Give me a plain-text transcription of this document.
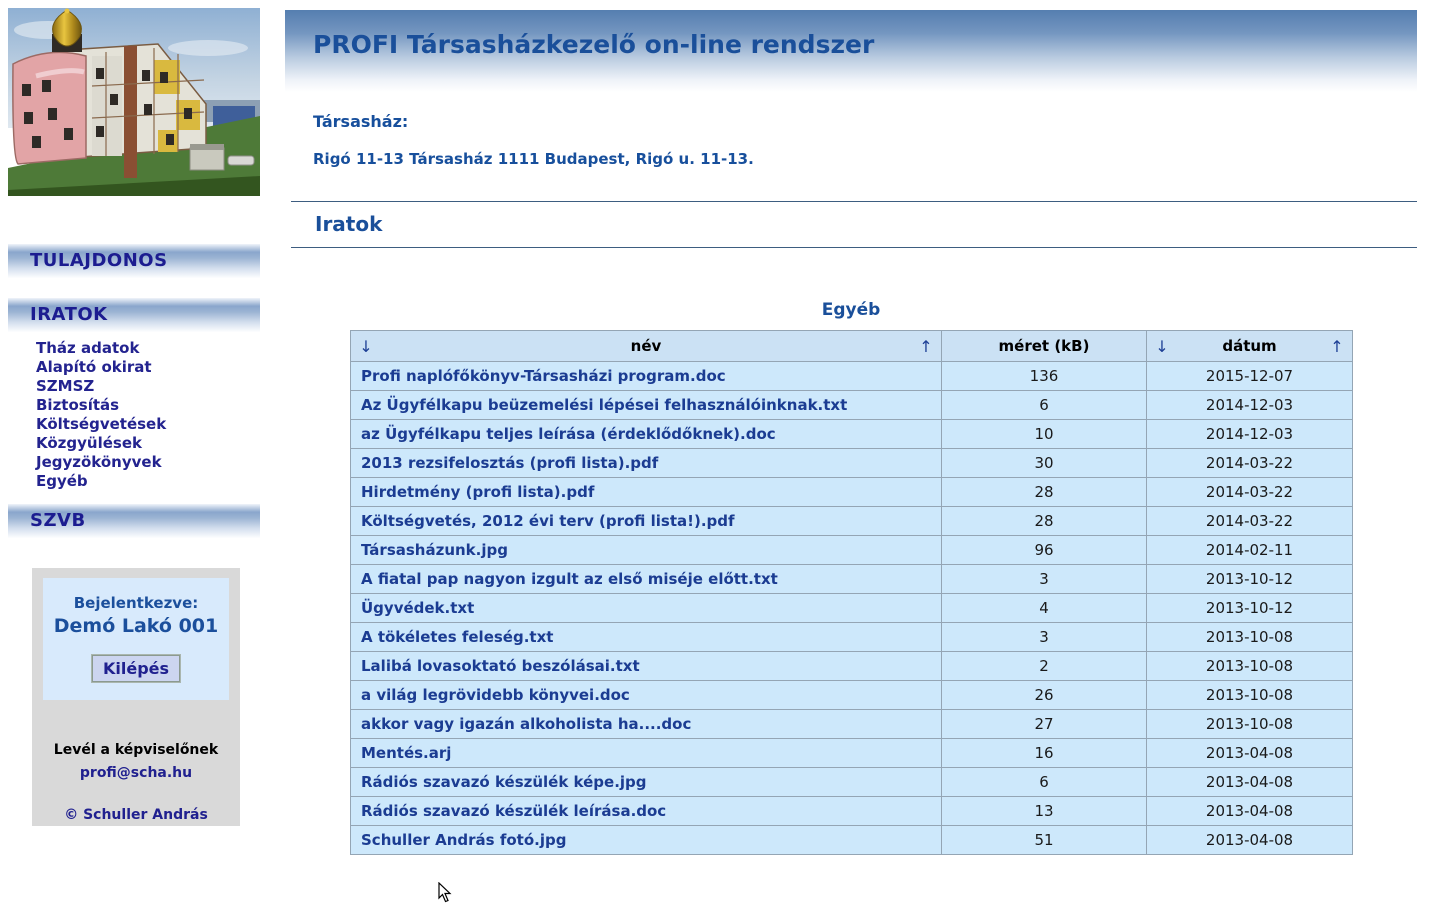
TULAJDONOS
IRATOK
Tház adatok
Alapító okirat
SZMSZ
Biztosítás
Költségvetések
Közgyülések
Jegyzökönyvek
Egyéb
SZVB
Bejelentkezve:
Demó Lakó 001
Kilépés
Levél a képviselőnek
profi@scha.hu
© Schuller András
PROFI Társasházkezelő on-line rendszer
Társasház:
Rigó 11-13 Társasház 1111 Budapest, Rigó u. 11-13.
Iratok
Egyéb
↓ név ↑	méret (kB)	↓ dátum ↑

Profi naplófőkönyv-Társasházi program.doc	136	2015-12-07
Az Ügyfélkapu beüzemelési lépései felhasználóinknak.txt	6	2014-12-03
az Ügyfélkapu teljes leírása (érdeklődőknek).doc	10	2014-12-03
2013 rezsifelosztás (profi lista).pdf	30	2014-03-22
Hirdetmény (profi lista).pdf	28	2014-03-22
Költségvetés, 2012 évi terv (profi lista!).pdf	28	2014-03-22
Társasházunk.jpg	96	2014-02-11
A fiatal pap nagyon izgult az első miséje előtt.txt	3	2013-10-12
Ügyvédek.txt	4	2013-10-12
A tökéletes feleség.txt	3	2013-10-08
Lalibá lovasoktató beszólásai.txt	2	2013-10-08
a világ legrövidebb könyvei.doc	26	2013-10-08
akkor vagy igazán alkoholista ha....doc	27	2013-10-08
Mentés.arj	16	2013-04-08
Rádiós szavazó készülék képe.jpg	6	2013-04-08
Rádiós szavazó készülék leírása.doc	13	2013-04-08
Schuller András fotó.jpg	51	2013-04-08
